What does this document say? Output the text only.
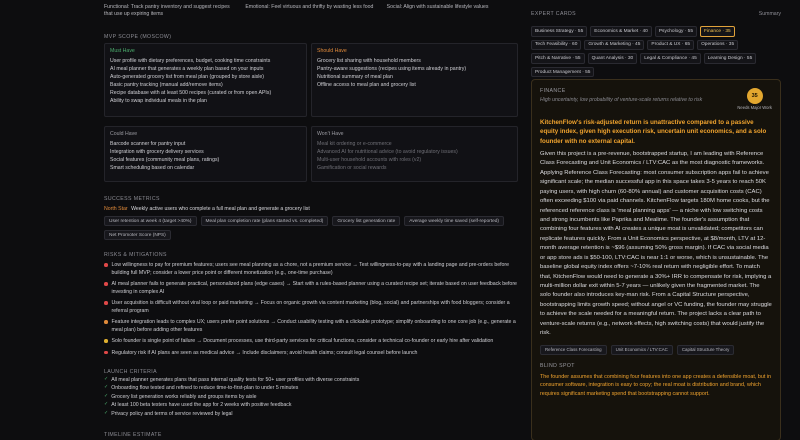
Functional: Track pantry inventory and suggest recipes that use up expiring items
Emotional: Feel virtuous and thrifty by wasting less food	Social: Align with sustainable lifestyle values
MVP SCOPE (MOSCOW)
Must Have
User profile with dietary preferences, budget, cooking time constraints
AI meal planner that generates a weekly plan based on your inputs
Auto-generated grocery list from meal plan (grouped by store aisle)
Basic pantry tracking (manual add/remove items)
Recipe database with at least 500 recipes (curated or from open APIs)
Ability to swap individual meals in the plan
Should Have
Grocery list sharing with household members
Pantry-aware suggestions (recipes using items already in pantry)
Nutritional summary of meal plan
Offline access to meal plan and grocery list
Could Have
Barcode scanner for pantry input
Integration with grocery delivery services
Social features (community meal plans, ratings)
Smart scheduling based on calendar
Won't Have
Meal kit ordering or e-commerce
Advanced AI for nutritional advice (to avoid regulatory issues)
Multi-user household accounts with roles (v2)
Gamification or social rewards
SUCCESS METRICS
North Star Weekly active users who complete a full meal plan and generate a grocery list
User retention at week 4 (target >40%)	Meal plan completion rate (plans started vs. completed)	Grocery list generation rate	Average weekly time saved (self-reported)
Net Promoter Score (NPS)
RISKS & MITIGATIONS
Low willingness to pay for premium features; users see meal planning as a chore, not a premium service → Test willingness-to-pay with a landing page and pre-orders before building full MVP; consider a lower price point or different monetization (e.g., one-time purchase)
AI meal planner fails to generate practical, personalized plans (edge cases) → Start with a rules-based planner using a curated recipe set; iterate based on user feedback before investing in complex AI
User acquisition is difficult without viral loop or paid marketing → Focus on organic growth via content marketing (blog, social) and partnerships with food bloggers; consider a referral program
Feature integration leads to complex UX; users prefer point solutions → Conduct usability testing with a clickable prototype; simplify onboarding to one core job (e.g., generate a meal plan) before adding other features
Solo founder is single point of failure → Document processes, use third-party services for critical functions, consider a technical co-founder or early hire after validation
Regulatory risk if AI plans are seen as medical advice → Include disclaimers; avoid health claims; consult legal counsel before launch
LAUNCH CRITERIA
✓ All meal planner generates plans that pass internal quality tests for 50+ user profiles with diverse constraints
✓ Onboarding flow tested and refined to reduce time-to-first-plan to under 5 minutes
✓ Grocery list generation works reliably and groups items by aisle
✓ At least 100 beta testers have used the app for 2 weeks with positive feedback
✓ Privacy policy and terms of service reviewed by legal
TIMELINE ESTIMATE
EXPERT CARDS	Summary
Business Strategy · 55	Economics & Market · 40	Psychology · 55	Finance · 35
Tech Feasibility · 60	Growth & Marketing · 45	Product & UX · 65	Operations · 35
Pitch & Narrative · 55	Quant Analysis · 30	Legal & Compliance · 45	Learning Design · 55
Product Management · 55
FINANCE
High uncertainty, low probability of venture-scale returns relative to risk
35
Needs Major Work
KitchenFlow's risk-adjusted return is unattractive compared to a passive equity index, given high execution risk, uncertain unit economics, and a solo founder with no external capital.
Given this project is a pre-revenue, bootstrapped startup, I am leading with Reference Class Forecasting and Unit Economics / LTV:CAC as the most diagnostic frameworks. Applying Reference Class Forecasting: most consumer subscription apps fail to achieve significant scale; the median successful app in this space takes 3-5 years to reach 50K paying users, with high churn (60-80% annual) and customer acquisition costs (CAC) often exceeding $100 via paid channels. KitchenFlow targets 180M home cooks, but the referenced reference class is 'meal planning apps' — a niche with low switching costs and strong incumbents like Paprika and Mealime. The founder's assumption that combining four features with AI creates a unique moat is unvalidated; competitors can replicate features quickly. From a Unit Economics perspective, at $8/month, LTV at 12-month average retention is ~$96 (assuming 50% gross margin). If CAC via social media or app store ads is $50-100, LTV:CAC is near 1:1 or worse, which is unsustainable. The baseline global equity index offers ~7-10% real return with negligible effort. To match that, KitchenFlow would need to generate a 30%+ IRR to compensate for risk, implying a multi-million dollar exit within 5-7 years — unlikely given the fragmented market. The solo founder also introduces key-man risk. From a Capital Structure perspective, bootstrapping limits growth speed; without angel or VC funding, the founder may struggle to achieve the scale needed for a meaningful return. The project lacks a clear path to venture-scale returns (e.g., network effects, high switching costs) that would justify the risk.
Reference Class Forecasting	Unit Economics / LTV:CAC	Capital Structure Theory
BLIND SPOT
The founder assumes that combining four features into one app creates a defensible moat, but in consumer software, integration is easy to copy; the real moat is distribution and brand, which requires significant marketing spend that bootstrapping cannot support.
